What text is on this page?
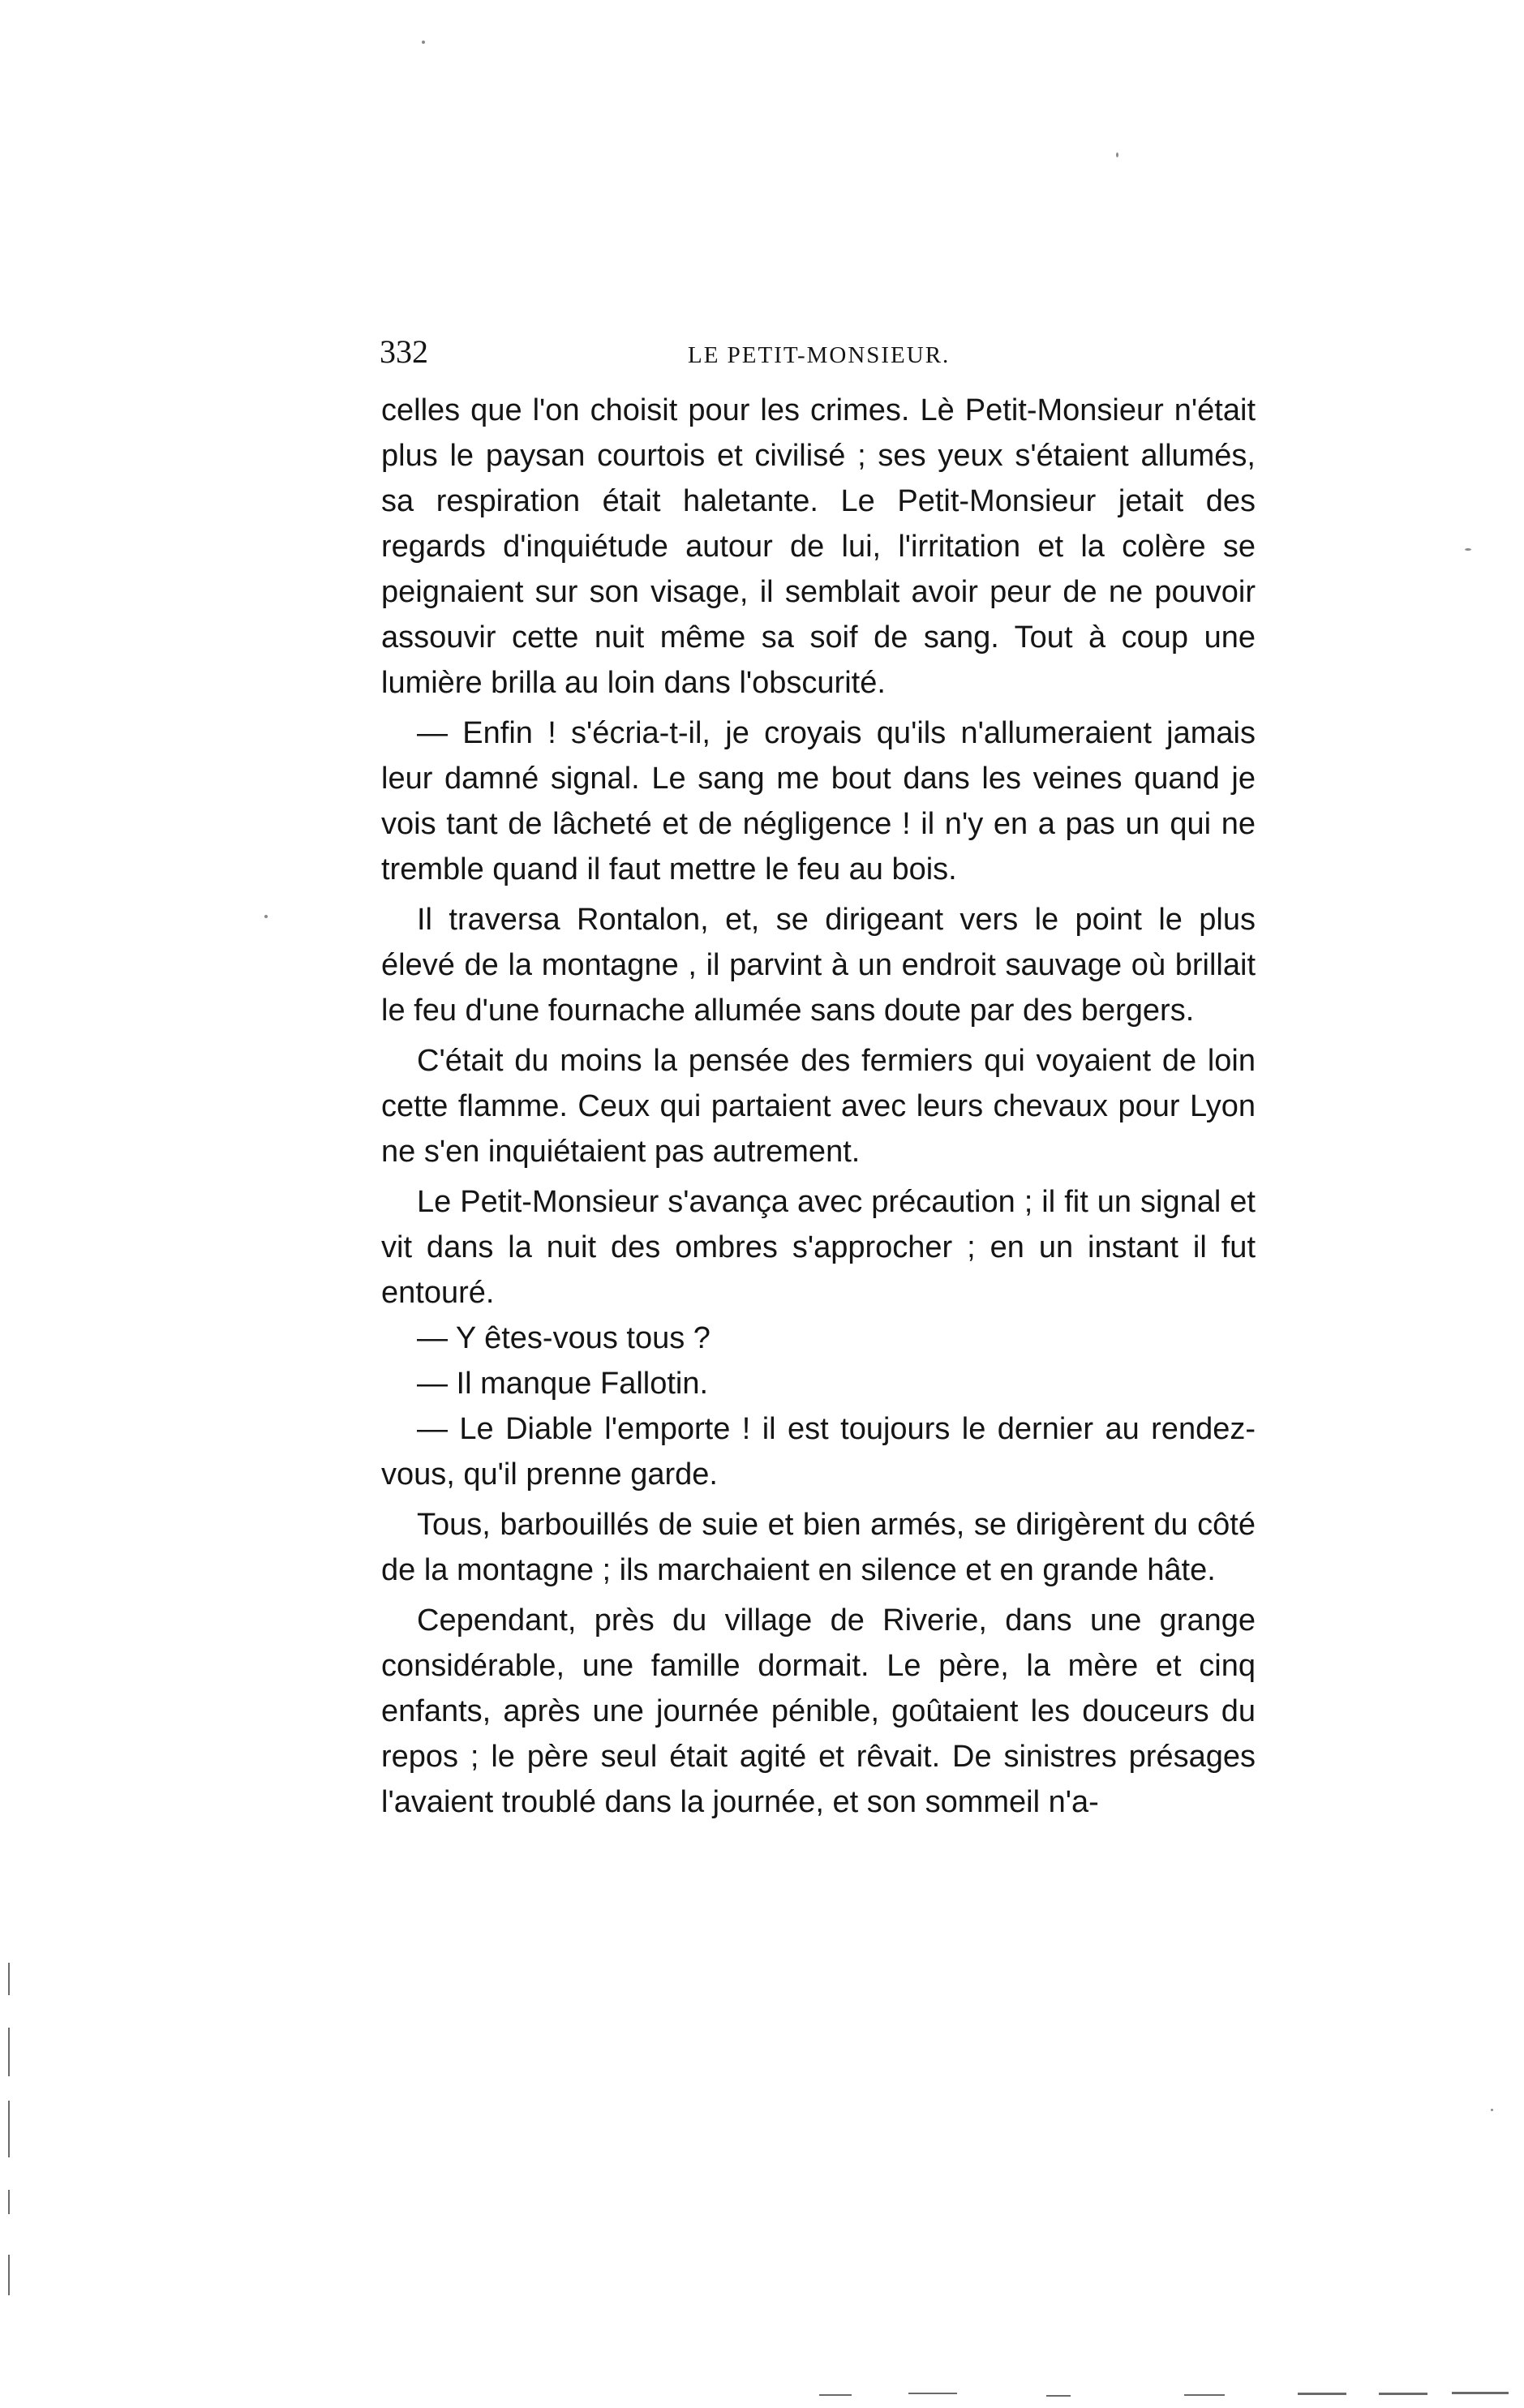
332	LE PETIT-MONSIEUR.

celles que l'on choisit pour les crimes. Lè Petit-Monsieur n'était plus le paysan courtois et civilisé ; ses yeux s'étaient allumés, sa respiration était haletante. Le Petit-Monsieur jetait des regards d'inquiétude autour de lui, l'irritation et la colère se peignaient sur son visage, il semblait avoir peur de ne pouvoir assouvir cette nuit même sa soif de sang. Tout à coup une lumière brilla au loin dans l'obscurité.

— Enfin ! s'écria-t-il, je croyais qu'ils n'allumeraient jamais leur damné signal. Le sang me bout dans les veines quand je vois tant de lâcheté et de négligence ! il n'y en a pas un qui ne tremble quand il faut mettre le feu au bois.

Il traversa Rontalon, et, se dirigeant vers le point le plus élevé de la montagne , il parvint à un endroit sauvage où brillait le feu d'une fournache allumée sans doute par des bergers.

C'était du moins la pensée des fermiers qui voyaient de loin cette flamme. Ceux qui partaient avec leurs chevaux pour Lyon ne s'en inquiétaient pas autrement.

Le Petit-Monsieur s'avança avec précaution ; il fit un signal et vit dans la nuit des ombres s'approcher ; en un instant il fut entouré.

— Y êtes-vous tous ?

— Il manque Fallotin.

— Le Diable l'emporte ! il est toujours le dernier au rendez-vous, qu'il prenne garde.

Tous, barbouillés de suie et bien armés, se dirigèrent du côté de la montagne ; ils marchaient en silence et en grande hâte.

Cependant, près du village de Riverie, dans une grange considérable, une famille dormait. Le père, la mère et cinq enfants, après une journée pénible, goûtaient les douceurs du repos ; le père seul était agité et rêvait. De sinistres présages l'avaient troublé dans la journée, et son sommeil n'a-
